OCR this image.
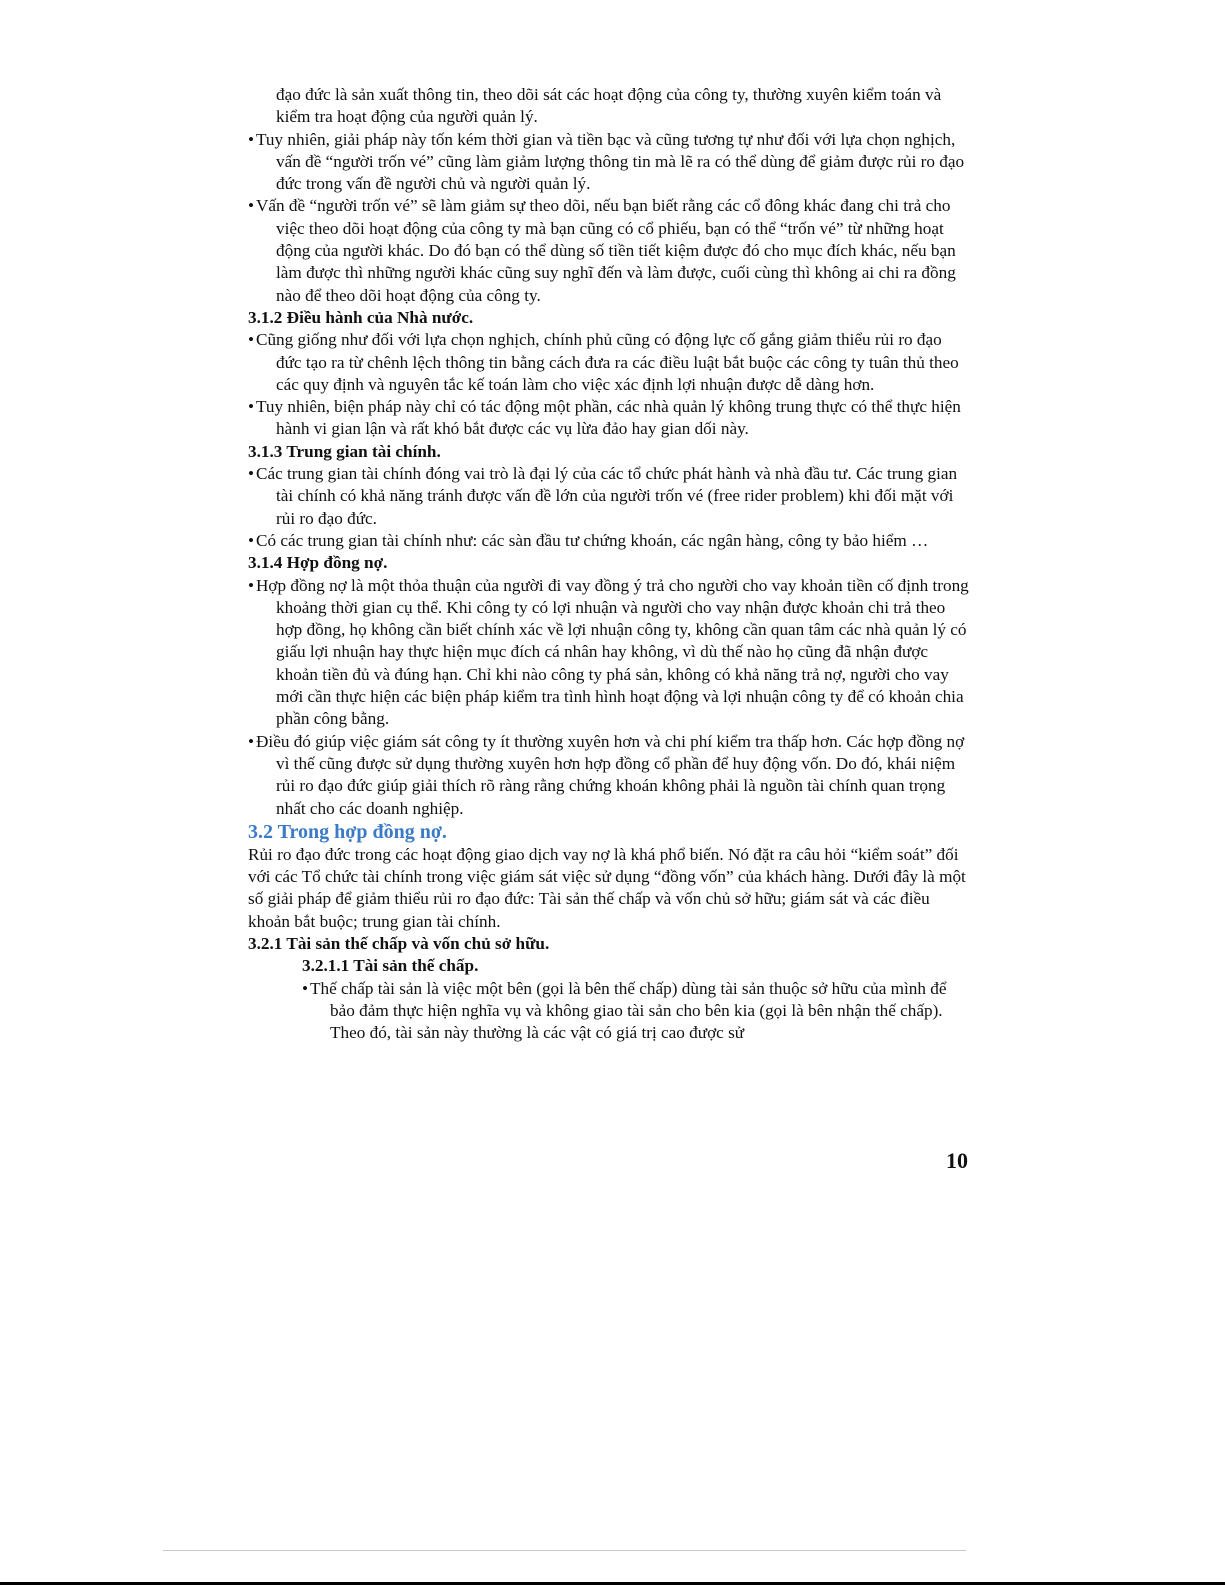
đạo đức là sản xuất thông tin, theo dõi sát các hoạt động của công ty, thường xuyên kiểm toán và kiểm tra hoạt động của người quản lý.

• Tuy nhiên, giải pháp này tốn kém thời gian và tiền bạc và cũng tương tự như đối với lựa chọn nghịch, vấn đề “người trốn vé” cũng làm giảm lượng thông tin mà lẽ ra có thể dùng để giảm được rủi ro đạo đức trong vấn đề người chủ và người quản lý.

• Vấn đề “người trốn vé” sẽ làm giảm sự theo dõi, nếu bạn biết rằng các cổ đông khác đang chi trả cho việc theo dõi hoạt động của công ty mà bạn cũng có cổ phiếu, bạn có thể “trốn vé” từ những hoạt động của người khác. Do đó bạn có thể dùng số tiền tiết kiệm được đó cho mục đích khác, nếu bạn làm được thì những người khác cũng suy nghĩ đến và làm được, cuối cùng thì không ai chi ra đồng nào để theo dõi hoạt động của công ty.

3.1.2 Điều hành của Nhà nước.

• Cũng giống như đối với lựa chọn nghịch, chính phủ cũng có động lực cố gắng giảm thiểu rủi ro đạo đức tạo ra từ chênh lệch thông tin bằng cách đưa ra các điều luật bắt buộc các công ty tuân thủ theo các quy định và nguyên tắc kế toán làm cho việc xác định lợi nhuận được dễ dàng hơn.

• Tuy nhiên, biện pháp này chỉ có tác động một phần, các nhà quản lý không trung thực có thể thực hiện hành vi gian lận và rất khó bắt được các vụ lừa đảo hay gian dối này.

3.1.3 Trung gian tài chính.

• Các trung gian tài chính đóng vai trò là đại lý của các tổ chức phát hành và nhà đầu tư. Các trung gian tài chính có khả năng tránh được vấn đề lớn của người trốn vé (free rider problem) khi đối mặt với rủi ro đạo đức.

• Có các trung gian tài chính như: các sàn đầu tư chứng khoán, các ngân hàng, công ty bảo hiểm …

3.1.4 Hợp đồng nợ.

• Hợp đồng nợ là một thỏa thuận của người đi vay đồng ý trả cho người cho vay khoản tiền cố định trong khoảng thời gian cụ thể. Khi công ty có lợi nhuận và người cho vay nhận được khoản chi trả theo hợp đồng, họ không cần biết chính xác về lợi nhuận công ty, không cần quan tâm các nhà quản lý có giấu lợi nhuận hay thực hiện mục đích cá nhân hay không, vì dù thế nào họ cũng đã nhận được khoản tiền đủ và đúng hạn. Chỉ khi nào công ty phá sản, không có khả năng trả nợ, người cho vay mới cần thực hiện các biện pháp kiểm tra tình hình hoạt động và lợi nhuận công ty để có khoản chia phần công bằng.

• Điều đó giúp việc giám sát công ty ít thường xuyên hơn và chi phí kiểm tra thấp hơn. Các hợp đồng nợ vì thế cũng được sử dụng thường xuyên hơn hợp đồng cổ phần để huy động vốn. Do đó, khái niệm rủi ro đạo đức giúp giải thích rõ ràng rằng chứng khoán không phải là nguồn tài chính quan trọng nhất cho các doanh nghiệp.

3.2 Trong hợp đồng nợ.

Rủi ro đạo đức trong các hoạt động giao dịch vay nợ là khá phổ biến. Nó đặt ra câu hỏi “kiểm soát” đối với các Tổ chức tài chính trong việc giám sát việc sử dụng “đồng vốn” của khách hàng. Dưới đây là một số giải pháp để giảm thiểu rủi ro đạo đức: Tài sản thế chấp và vốn chủ sở hữu; giám sát và các điều khoản bắt buộc; trung gian tài chính.

3.2.1 Tài sản thế chấp và vốn chủ sở hữu.

3.2.1.1 Tài sản thế chấp.

• Thế chấp tài sản là việc một bên (gọi là bên thế chấp) dùng tài sản thuộc sở hữu của mình để bảo đảm thực hiện nghĩa vụ và không giao tài sản cho bên kia (gọi là bên nhận thế chấp). Theo đó, tài sản này thường là các vật có giá trị cao được sử

10
